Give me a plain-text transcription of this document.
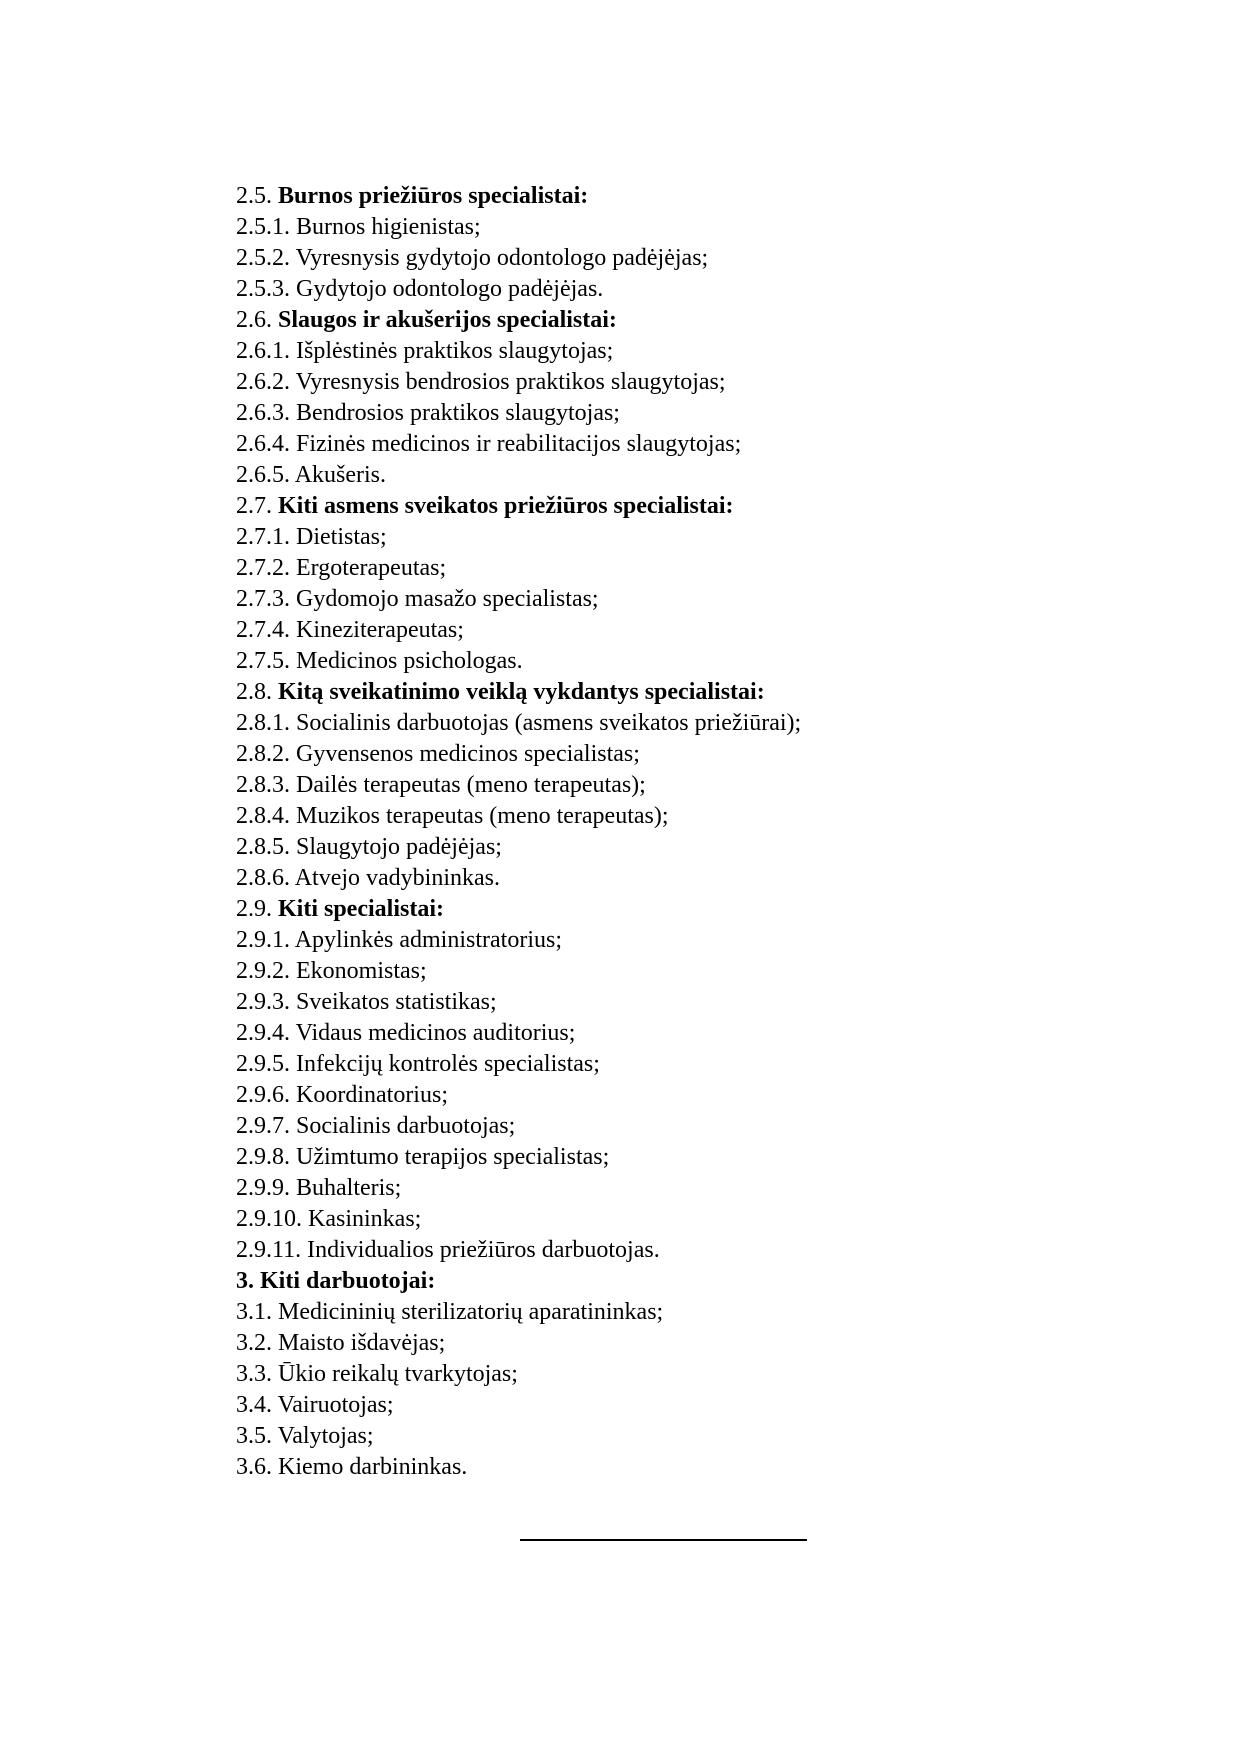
2.5. Burnos priežiūros specialistai:
2.5.1. Burnos higienistas;
2.5.2. Vyresnysis gydytojo odontologo padėjėjas;
2.5.3. Gydytojo odontologo padėjėjas.
2.6. Slaugos ir akušerijos specialistai:
2.6.1. Išplėstinės praktikos slaugytojas;
2.6.2. Vyresnysis bendrosios praktikos slaugytojas;
2.6.3. Bendrosios praktikos slaugytojas;
2.6.4. Fizinės medicinos ir reabilitacijos slaugytojas;
2.6.5. Akušeris.
2.7. Kiti asmens sveikatos priežiūros specialistai:
2.7.1. Dietistas;
2.7.2. Ergoterapeutas;
2.7.3. Gydomojo masažo specialistas;
2.7.4. Kineziterapeutas;
2.7.5. Medicinos psichologas.
2.8. Kitą sveikatinimo veiklą vykdantys specialistai:
2.8.1. Socialinis darbuotojas (asmens sveikatos priežiūrai);
2.8.2. Gyvensenos medicinos specialistas;
2.8.3. Dailės terapeutas (meno terapeutas);
2.8.4. Muzikos terapeutas (meno terapeutas);
2.8.5. Slaugytojo padėjėjas;
2.8.6. Atvejo vadybininkas.
2.9. Kiti specialistai:
2.9.1. Apylinkės administratorius;
2.9.2. Ekonomistas;
2.9.3. Sveikatos statistikas;
2.9.4. Vidaus medicinos auditorius;
2.9.5. Infekcijų kontrolės specialistas;
2.9.6. Koordinatorius;
2.9.7. Socialinis darbuotojas;
2.9.8. Užimtumo terapijos specialistas;
2.9.9. Buhalteris;
2.9.10. Kasininkas;
2.9.11. Individualios priežiūros darbuotojas.
3. Kiti darbuotojai:
3.1. Medicininių sterilizatorių aparatininkas;
3.2. Maisto išdavėjas;
3.3. Ūkio reikalų tvarkytojas;
3.4. Vairuotojas;
3.5. Valytojas;
3.6. Kiemo darbininkas.
